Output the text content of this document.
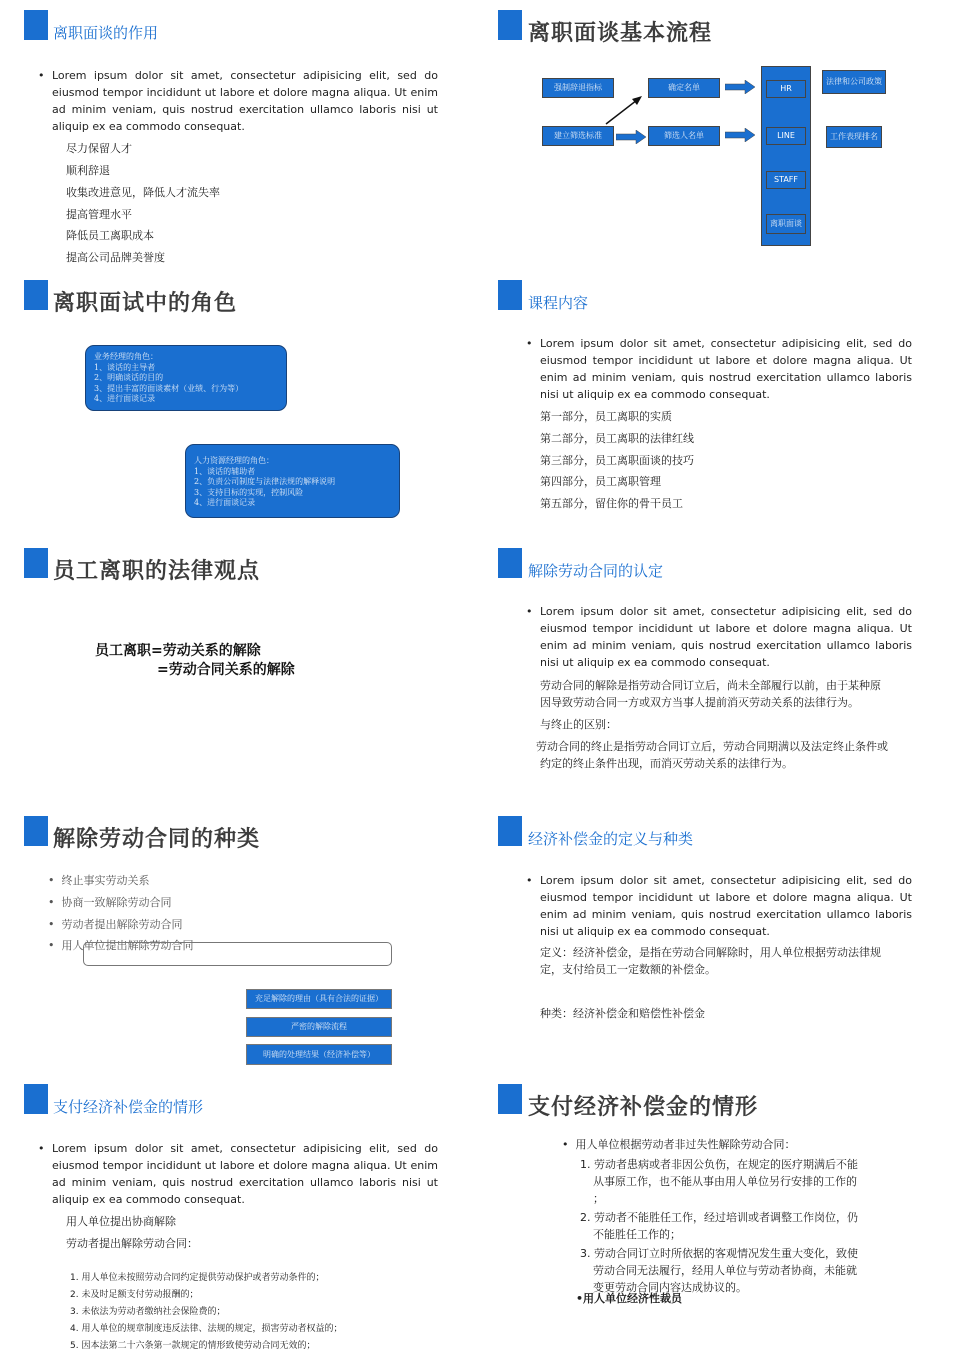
离职面谈的作用

• Lorem ipsum dolor sit amet, consectetur adipisicing elit, sed do eiusmod tempor incididunt ut labore et dolore magna aliqua. Ut enim ad minim veniam, quis nostrud exercitation ullamco laboris nisi ut aliquip ex ea commodo consequat.

尽力保留人才
顺利辞退
收集改进意见，降低人才流失率
提高管理水平
降低员工离职成本
提高公司品牌美誉度
离职面谈基本流程
强制辞退指标	确定名单
建立筛选标准	筛选人名单
HR
LINE
STAFF
离职面谈
法律和公司政策
工作表现排名
离职面试中的角色
业务经理的角色：
1、谈话的主导者
2、明确谈话的目的
3、提出丰富的面谈素材（业绩、行为等）
4、进行面谈记录
人力资源经理的角色：
1、谈话的辅助者
2、负责公司制度与法律法规的解释说明
3、支持目标的实现，控制风险
4、进行面谈记录
课程内容

• Lorem ipsum dolor sit amet, consectetur adipisicing elit, sed do eiusmod tempor incididunt ut labore et dolore magna aliqua. Ut enim ad minim veniam, quis nostrud exercitation ullamco laboris nisi ut aliquip ex ea commodo consequat.

第一部分，员工离职的实质
第二部分，员工离职的法律红线
第三部分，员工离职面谈的技巧
第四部分，员工离职管理
第五部分，留住你的骨干员工
员工离职的法律观点
员工离职=劳动关系的解除
=劳动合同关系的解除
解除劳动合同的认定

• Lorem ipsum dolor sit amet, consectetur adipisicing elit, sed do eiusmod tempor incididunt ut labore et dolore magna aliqua. Ut enim ad minim veniam, quis nostrud exercitation ullamco laboris nisi ut aliquip ex ea commodo consequat.

劳动合同的解除是指劳动合同订立后，尚未全部履行以前，由于某种原
因导致劳动合同一方或双方当事人提前消灭劳动关系的法律行为。
与终止的区别：
劳动合同的终止是指劳动合同订立后，劳动合同期满以及法定终止条件或
约定的终止条件出现，而消灭劳动关系的法律行为。
解除劳动合同的种类
• 终止事实劳动关系
• 协商一致解除劳动合同
• 劳动者提出解除劳动合同
• 用人单位提出解除劳动合同
充足解除的理由（具有合法的证据）
严密的解除流程
明确的处理结果（经济补偿等）
经济补偿金的定义与种类

• Lorem ipsum dolor sit amet, consectetur adipisicing elit, sed do eiusmod tempor incididunt ut labore et dolore magna aliqua. Ut enim ad minim veniam, quis nostrud exercitation ullamco laboris nisi ut aliquip ex ea commodo consequat.

定义：经济补偿金，是指在劳动合同解除时，用人单位根据劳动法律规
定，支付给员工一定数额的补偿金。
种类：经济补偿金和赔偿性补偿金
支付经济补偿金的情形

• Lorem ipsum dolor sit amet, consectetur adipisicing elit, sed do eiusmod tempor incididunt ut labore et dolore magna aliqua. Ut enim ad minim veniam, quis nostrud exercitation ullamco laboris nisi ut aliquip ex ea commodo consequat.

用人单位提出协商解除
劳动者提出解除劳动合同：
1. 用人单位未按照劳动合同约定提供劳动保护或者劳动条件的；
2. 未及时足额支付劳动报酬的；
3. 未依法为劳动者缴纳社会保险费的；
4. 用人单位的规章制度违反法律、法规的规定，损害劳动者权益的；
5. 因本法第二十六条第一款规定的情形致使劳动合同无效的；
支付经济补偿金的情形
• 用人单位根据劳动者非过失性解除劳动合同：
1. 劳动者患病或者非因公负伤，在规定的医疗期满后不能
从事原工作，也不能从事由用人单位另行安排的工作的
；
2. 劳动者不能胜任工作，经过培训或者调整工作岗位，仍
不能胜任工作的；
3. 劳动合同订立时所依据的客观情况发生重大变化，致使
劳动合同无法履行，经用人单位与劳动者协商，未能就
变更劳动合同内容达成协议的。
•用人单位经济性裁员
